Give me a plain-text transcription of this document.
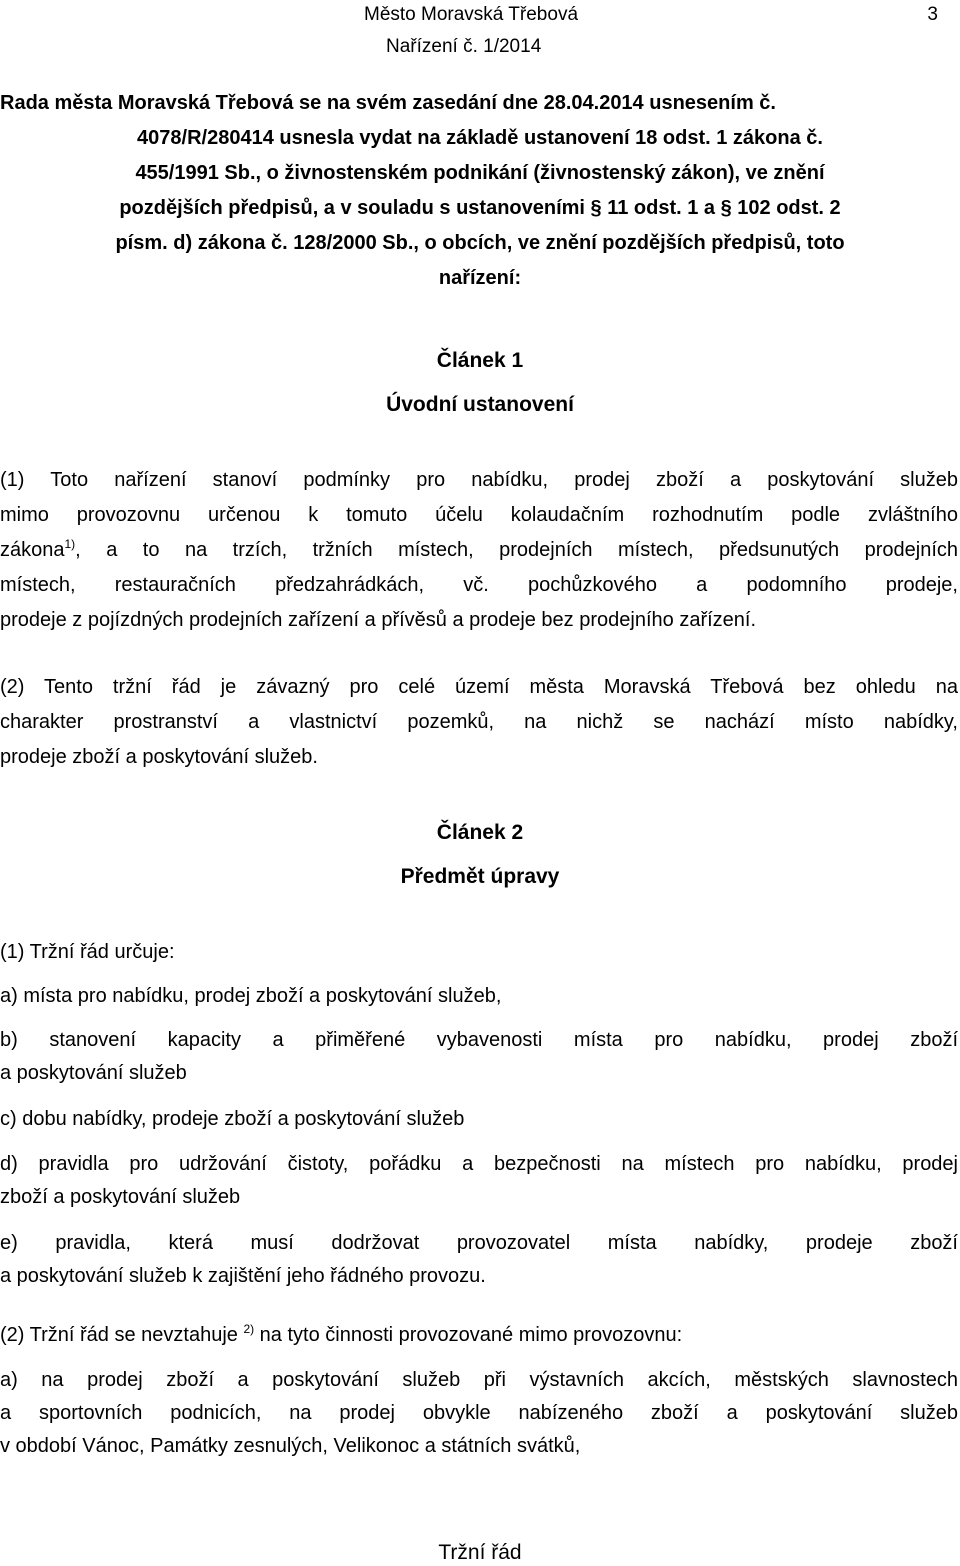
Město Moravská Třebová	3
Nařízení č. 1/2014
Rada města Moravská Třebová se na svém zasedání dne 28.04.2014 usnesením č.
4078/R/280414 usnesla vydat na základě ustanovení 18 odst. 1 zákona č.
455/1991 Sb., o živnostenském podnikání (živnostenský zákon), ve znění
pozdějších předpisů, a v souladu s ustanoveními § 11 odst. 1 a § 102 odst. 2
písm. d) zákona č. 128/2000 Sb., o obcích, ve znění pozdějších předpisů, toto
nařízení:
Článek 1
Úvodní ustanovení
(1) Toto nařízení stanoví podmínky pro nabídku, prodej zboží a poskytování služeb
mimo provozovnu určenou k tomuto účelu kolaudačním rozhodnutím podle zvláštního
zákona$^{1)}$, a to na trzích, tržních místech, prodejních místech, předsunutých prodejních
místech, restauračních předzahrádkách, vč. pochůzkového a podomního prodeje,
prodeje z pojízdných prodejních zařízení a přívěsů a prodeje bez prodejního zařízení.
(2) Tento tržní řád je závazný pro celé území města Moravská Třebová bez ohledu na
charakter prostranství a vlastnictví pozemků, na nichž se nachází místo nabídky,
prodeje zboží a poskytování služeb.
Článek 2
Předmět úpravy
(1) Tržní řád určuje:
a) místa pro nabídku, prodej zboží a poskytování služeb,
b) stanovení kapacity a přiměřené vybavenosti místa pro nabídku, prodej zboží
a poskytování služeb
c) dobu nabídky, prodeje zboží a poskytování služeb
d) pravidla pro udržování čistoty, pořádku a bezpečnosti na místech pro nabídku, prodej
zboží a poskytování služeb
e) pravidla, která musí dodržovat provozovatel místa nabídky, prodeje zboží
a poskytování služeb k zajištění jeho řádného provozu.
(2) Tržní řád se nevztahuje $^{2)}$ na tyto činnosti provozované mimo provozovnu:
a) na prodej zboží a poskytování služeb při výstavních akcích, městských slavnostech
a sportovních podnicích, na prodej obvykle nabízeného zboží a poskytování služeb
v období Vánoc, Památky zesnulých, Velikonoc a státních svátků,
Tržní řád
